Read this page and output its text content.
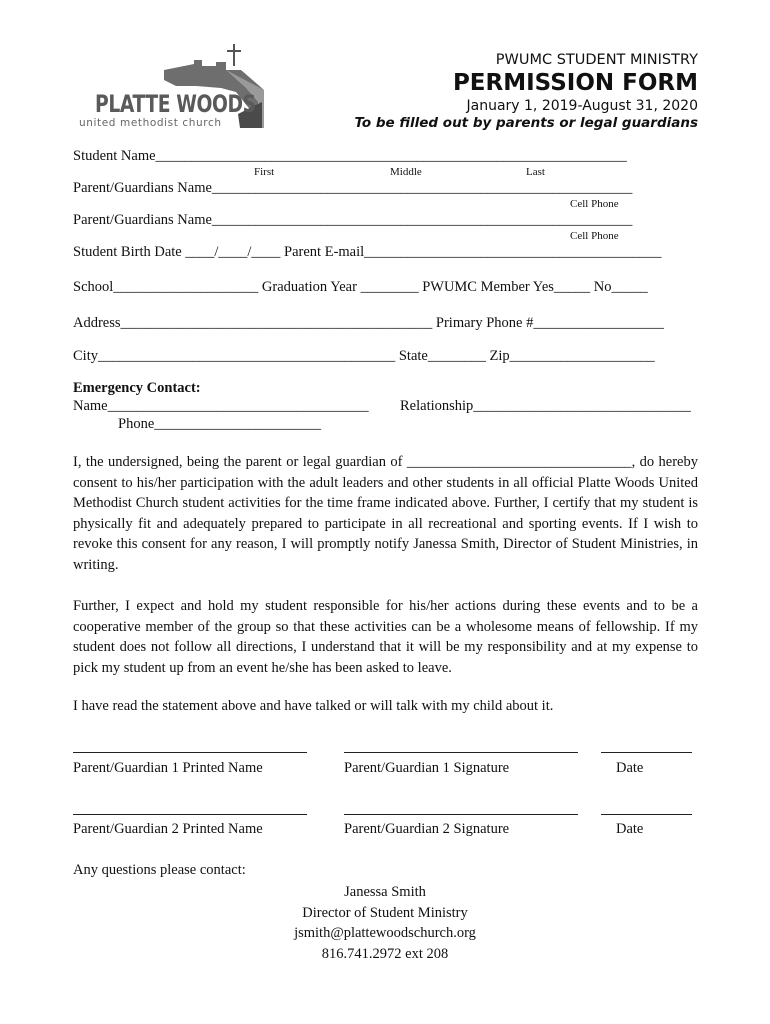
PLATTE WOODS
united methodist church
PWUMC STUDENT MINISTRY
PERMISSION FORM
January 1, 2019-August 31, 2020
To be filled out by parents or legal guardians
Student Name_________________________________________________________________
First	Middle	Last
Parent/Guardians Name__________________________________________________________
Cell Phone
Parent/Guardians Name__________________________________________________________
Cell Phone
Student Birth Date ____/____/____ Parent E-mail_________________________________________
School____________________ Graduation Year ________ PWUMC Member Yes_____ No_____
Address___________________________________________ Primary Phone #__________________
City_________________________________________ State________ Zip____________________
Emergency Contact:
Name____________________________________ Relationship______________________________
Phone_______________________
I, the undersigned, being the parent or legal guardian of _______________________________, do hereby consent to his/her participation with the adult leaders and other students in all official Platte Woods United Methodist Church student activities for the time frame indicated above. Further, I certify that my student is physically fit and adequately prepared to participate in all recreational and sporting events. If I wish to revoke this consent for any reason, I will promptly notify Janessa Smith, Director of Student Ministries, in writing.
Further, I expect and hold my student responsible for his/her actions during these events and to be a cooperative member of the group so that these activities can be a wholesome means of fellowship. If my student does not follow all directions, I understand that it will be my responsibility and at my expense to pick my student up from an event he/she has been asked to leave.
I have read the statement above and have talked or will talk with my child about it.
Parent/Guardian 1 Printed Name	Parent/Guardian 1 Signature	Date
Parent/Guardian 2 Printed Name	Parent/Guardian 2 Signature	Date
Any questions please contact:
Janessa Smith
Director of Student Ministry
jsmith@plattewoodschurch.org
816.741.2972 ext 208
